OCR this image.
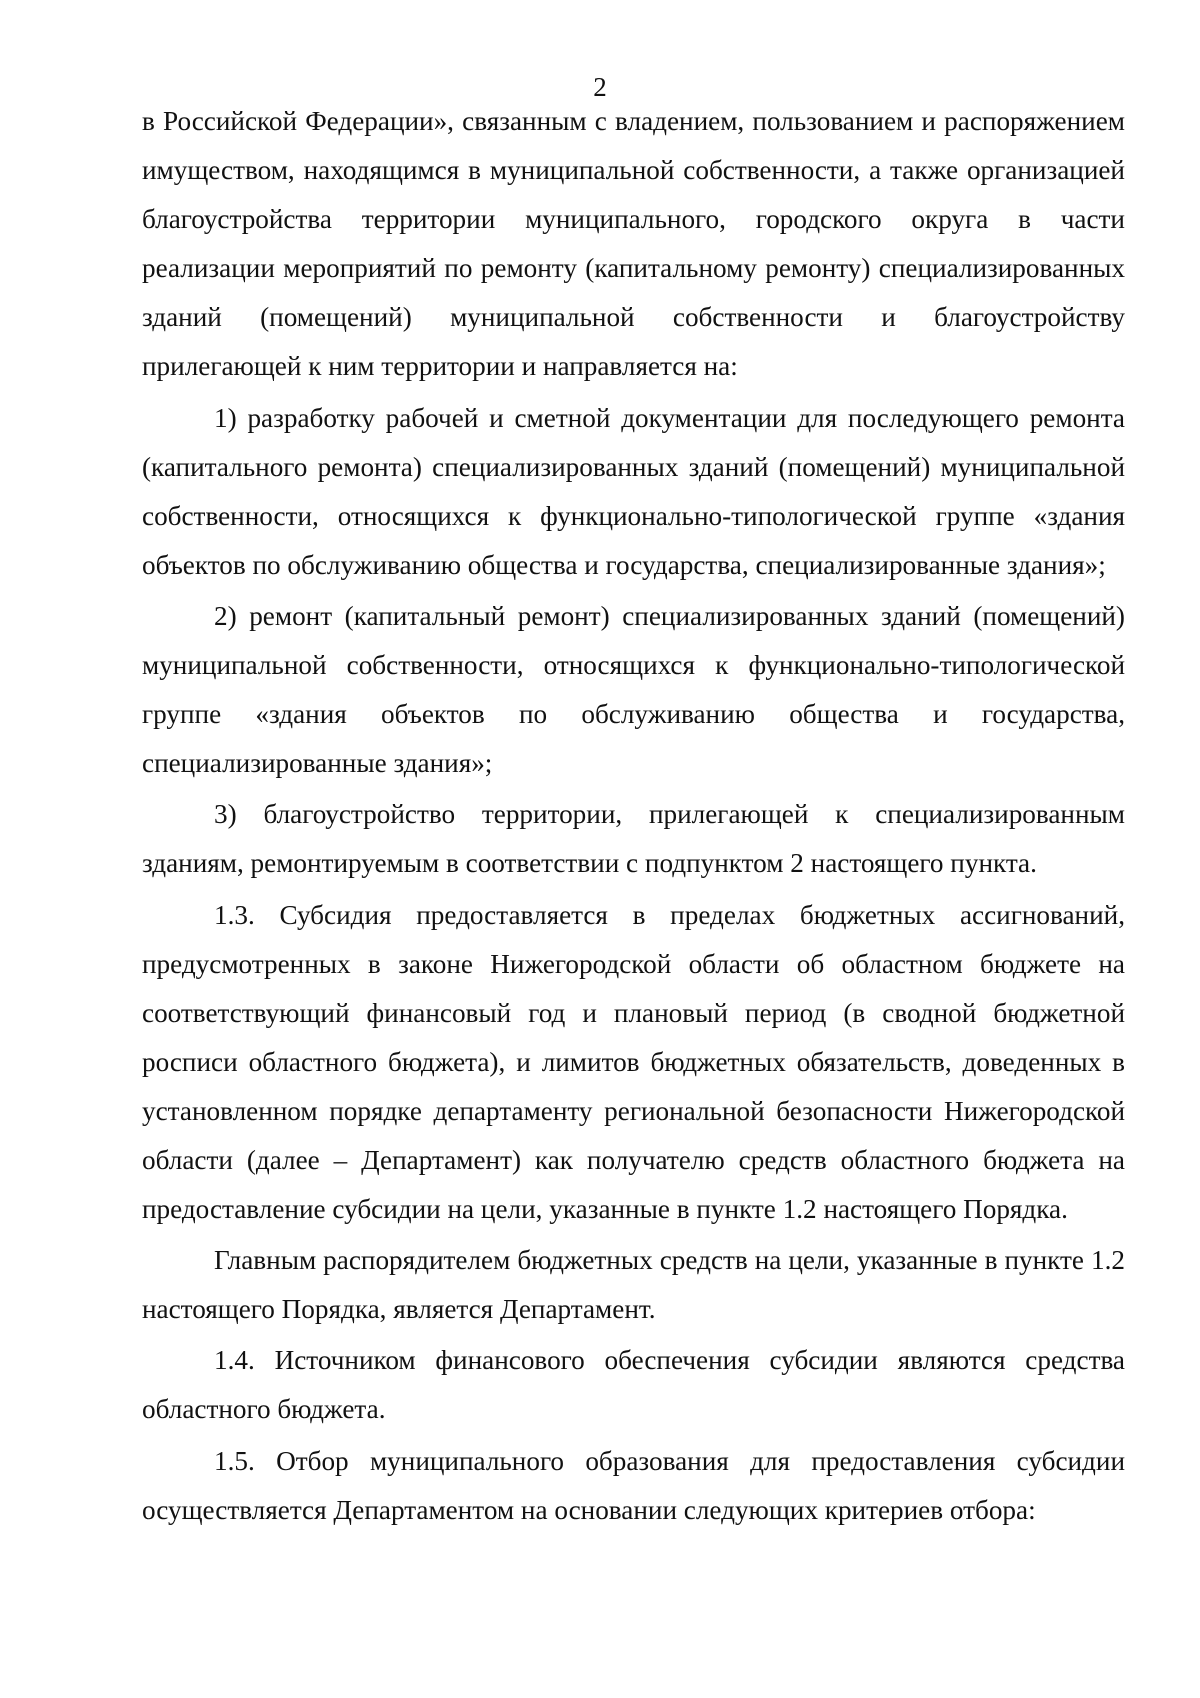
2

в Российской Федерации», связанным с владением, пользованием и распоряжением имуществом, находящимся в муниципальной собственности, а также организацией благоустройства территории муниципального, городского округа в части реализации мероприятий по ремонту (капитальному ремонту) специализированных зданий (помещений) муниципальной собственности и благоустройству прилегающей к ним территории и направляется на:

1) разработку рабочей и сметной документации для последующего ремонта (капитального ремонта) специализированных зданий (помещений) муниципальной собственности, относящихся к функционально-типологической группе «здания объектов по обслуживанию общества и государства, специализированные здания»;

2) ремонт (капитальный ремонт) специализированных зданий (помещений) муниципальной собственности, относящихся к функционально-типологической группе «здания объектов по обслуживанию общества и государства, специализированные здания»;

3) благоустройство территории, прилегающей к специализированным зданиям, ремонтируемым в соответствии с подпунктом 2 настоящего пункта.

1.3. Субсидия предоставляется в пределах бюджетных ассигнований, предусмотренных в законе Нижегородской области об областном бюджете на соответствующий финансовый год и плановый период (в сводной бюджетной росписи областного бюджета), и лимитов бюджетных обязательств, доведенных в установленном порядке департаменту региональной безопасности Нижегородской области (далее – Департамент) как получателю средств областного бюджета на предоставление субсидии на цели, указанные в пункте 1.2 настоящего Порядка.

Главным распорядителем бюджетных средств на цели, указанные в пункте 1.2 настоящего Порядка, является Департамент.

1.4. Источником финансового обеспечения субсидии являются средства областного бюджета.

1.5. Отбор муниципального образования для предоставления субсидии осуществляется Департаментом на основании следующих критериев отбора:
